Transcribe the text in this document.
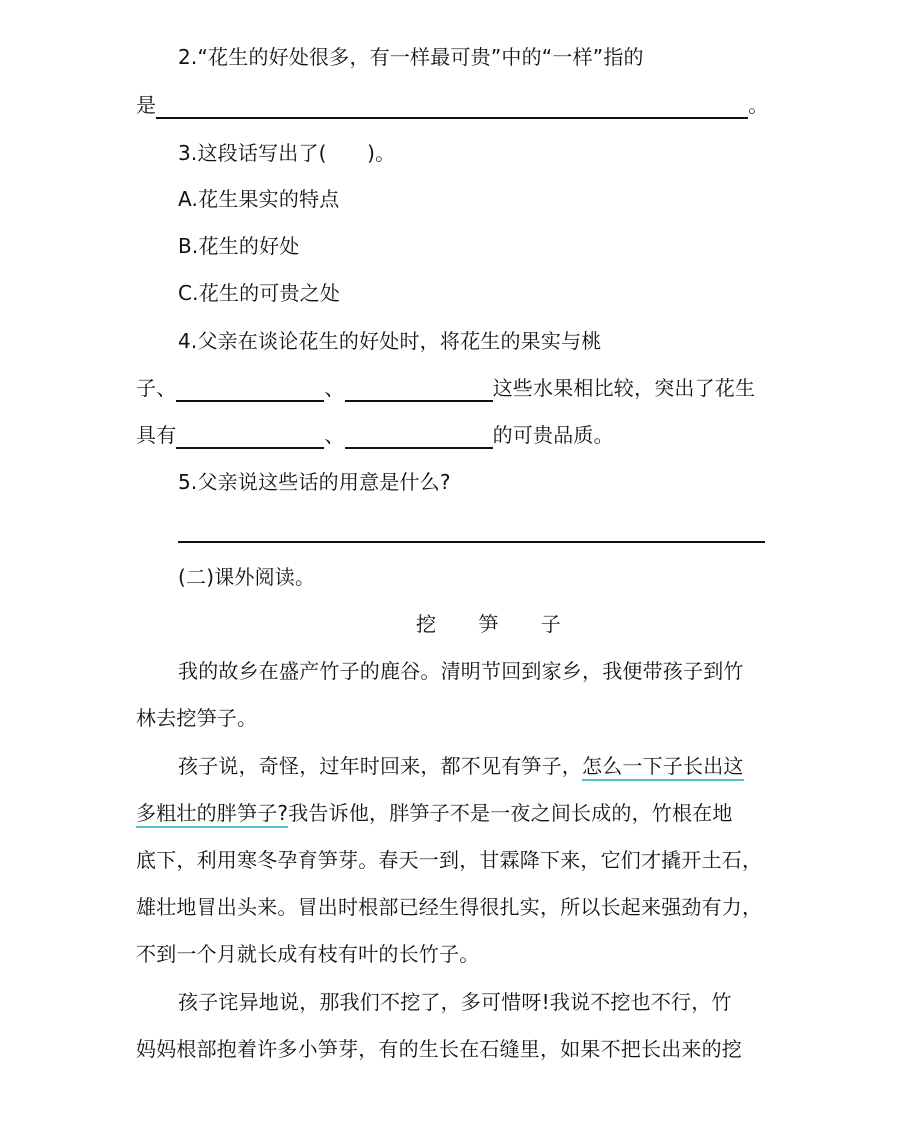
2.“花生的好处很多，有一样最可贵”中的“一样”指的
是	。
3.这段话写出了(　　)。
A.花生果实的特点
B.花生的好处
C.花生的可贵之处
4.父亲在谈论花生的好处时，将花生的果实与桃
子、	、	这些水果相比较，突出了花生
具有	、	的可贵品质。
5.父亲说这些话的用意是什么?
(二)课外阅读。
挖 笋 子
我的故乡在盛产竹子的鹿谷。清明节回到家乡，我便带孩子到竹
林去挖笋子。
孩子说，奇怪，过年时回来，都不见有笋子，怎么一下子长出这
多粗壮的胖笋子?我告诉他，胖笋子不是一夜之间长成的，竹根在地
底下，利用寒冬孕育笋芽。春天一到，甘霖降下来，它们才撬开土石，
雄壮地冒出头来。冒出时根部已经生得很扎实，所以长起来强劲有力，
不到一个月就长成有枝有叶的长竹子。
孩子诧异地说，那我们不挖了，多可惜呀!我说不挖也不行，竹
妈妈根部抱着许多小笋芽，有的生长在石缝里，如果不把长出来的挖
